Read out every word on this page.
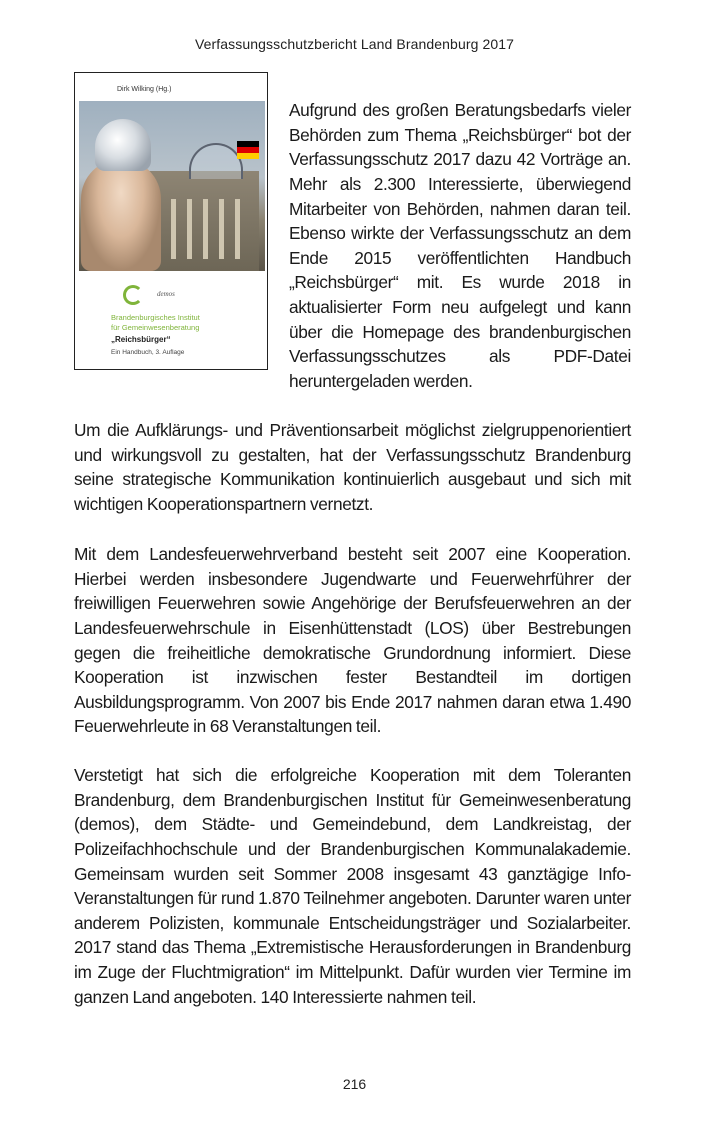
Verfassungsschutzbericht Land Brandenburg 2017
Dirk Wilking (Hg.)
demos
Brandenburgisches Institut
für Gemeinwesenberatung
„Reichsbürger“
Ein Handbuch, 3. Auflage

Aufgrund des großen Beratungsbedarfs vieler Behörden zum Thema „Reichsbürger“ bot der Verfassungsschutz 2017 dazu 42 Vorträge an. Mehr als 2.300 Interessierte, überwiegend Mitarbeiter von Behörden, nahmen daran teil. Ebenso wirkte der Verfassungsschutz an dem Ende 2015 veröffentlichten Handbuch „Reichsbürger“ mit. Es wurde 2018 in aktualisierter Form neu aufgelegt und kann über die Homepage des brandenburgischen Verfassungsschutzes als PDF-Datei heruntergeladen werden.

Um die Aufklärungs- und Präventionsarbeit möglichst zielgruppenorientiert und wirkungsvoll zu gestalten, hat der Verfassungsschutz Brandenburg seine strategische Kommunikation kontinuierlich ausgebaut und sich mit wichtigen Kooperationspartnern vernetzt.

Mit dem Landesfeuerwehrverband besteht seit 2007 eine Kooperation. Hierbei werden insbesondere Jugendwarte und Feuerwehrführer der freiwilligen Feuerwehren sowie Angehörige der Berufsfeuerwehren an der Landesfeuerwehrschule in Eisenhüttenstadt (LOS) über Bestrebungen gegen die freiheitliche demokratische Grundordnung informiert. Diese Kooperation ist inzwischen fester Bestandteil im dortigen Ausbildungsprogramm. Von 2007 bis Ende 2017 nahmen daran etwa 1.490 Feuerwehrleute in 68 Veranstaltungen teil.

Verstetigt hat sich die erfolgreiche Kooperation mit dem Toleranten Brandenburg, dem Brandenburgischen Institut für Gemeinwesenberatung (demos), dem Städte- und Gemeindebund, dem Landkreistag, der Polizeifachhochschule und der Brandenburgischen Kommunalakademie. Gemeinsam wurden seit Sommer 2008 insgesamt 43 ganztägige Info-Veranstaltungen für rund 1.870 Teilnehmer angeboten. Darunter waren unter anderem Polizisten, kommunale Entscheidungsträger und Sozialarbeiter. 2017 stand das Thema „Extremistische Herausforderungen in Brandenburg im Zuge der Fluchtmigration“ im Mittelpunkt. Dafür wurden vier Termine im ganzen Land angeboten. 140 Interessierte nahmen teil.

216
